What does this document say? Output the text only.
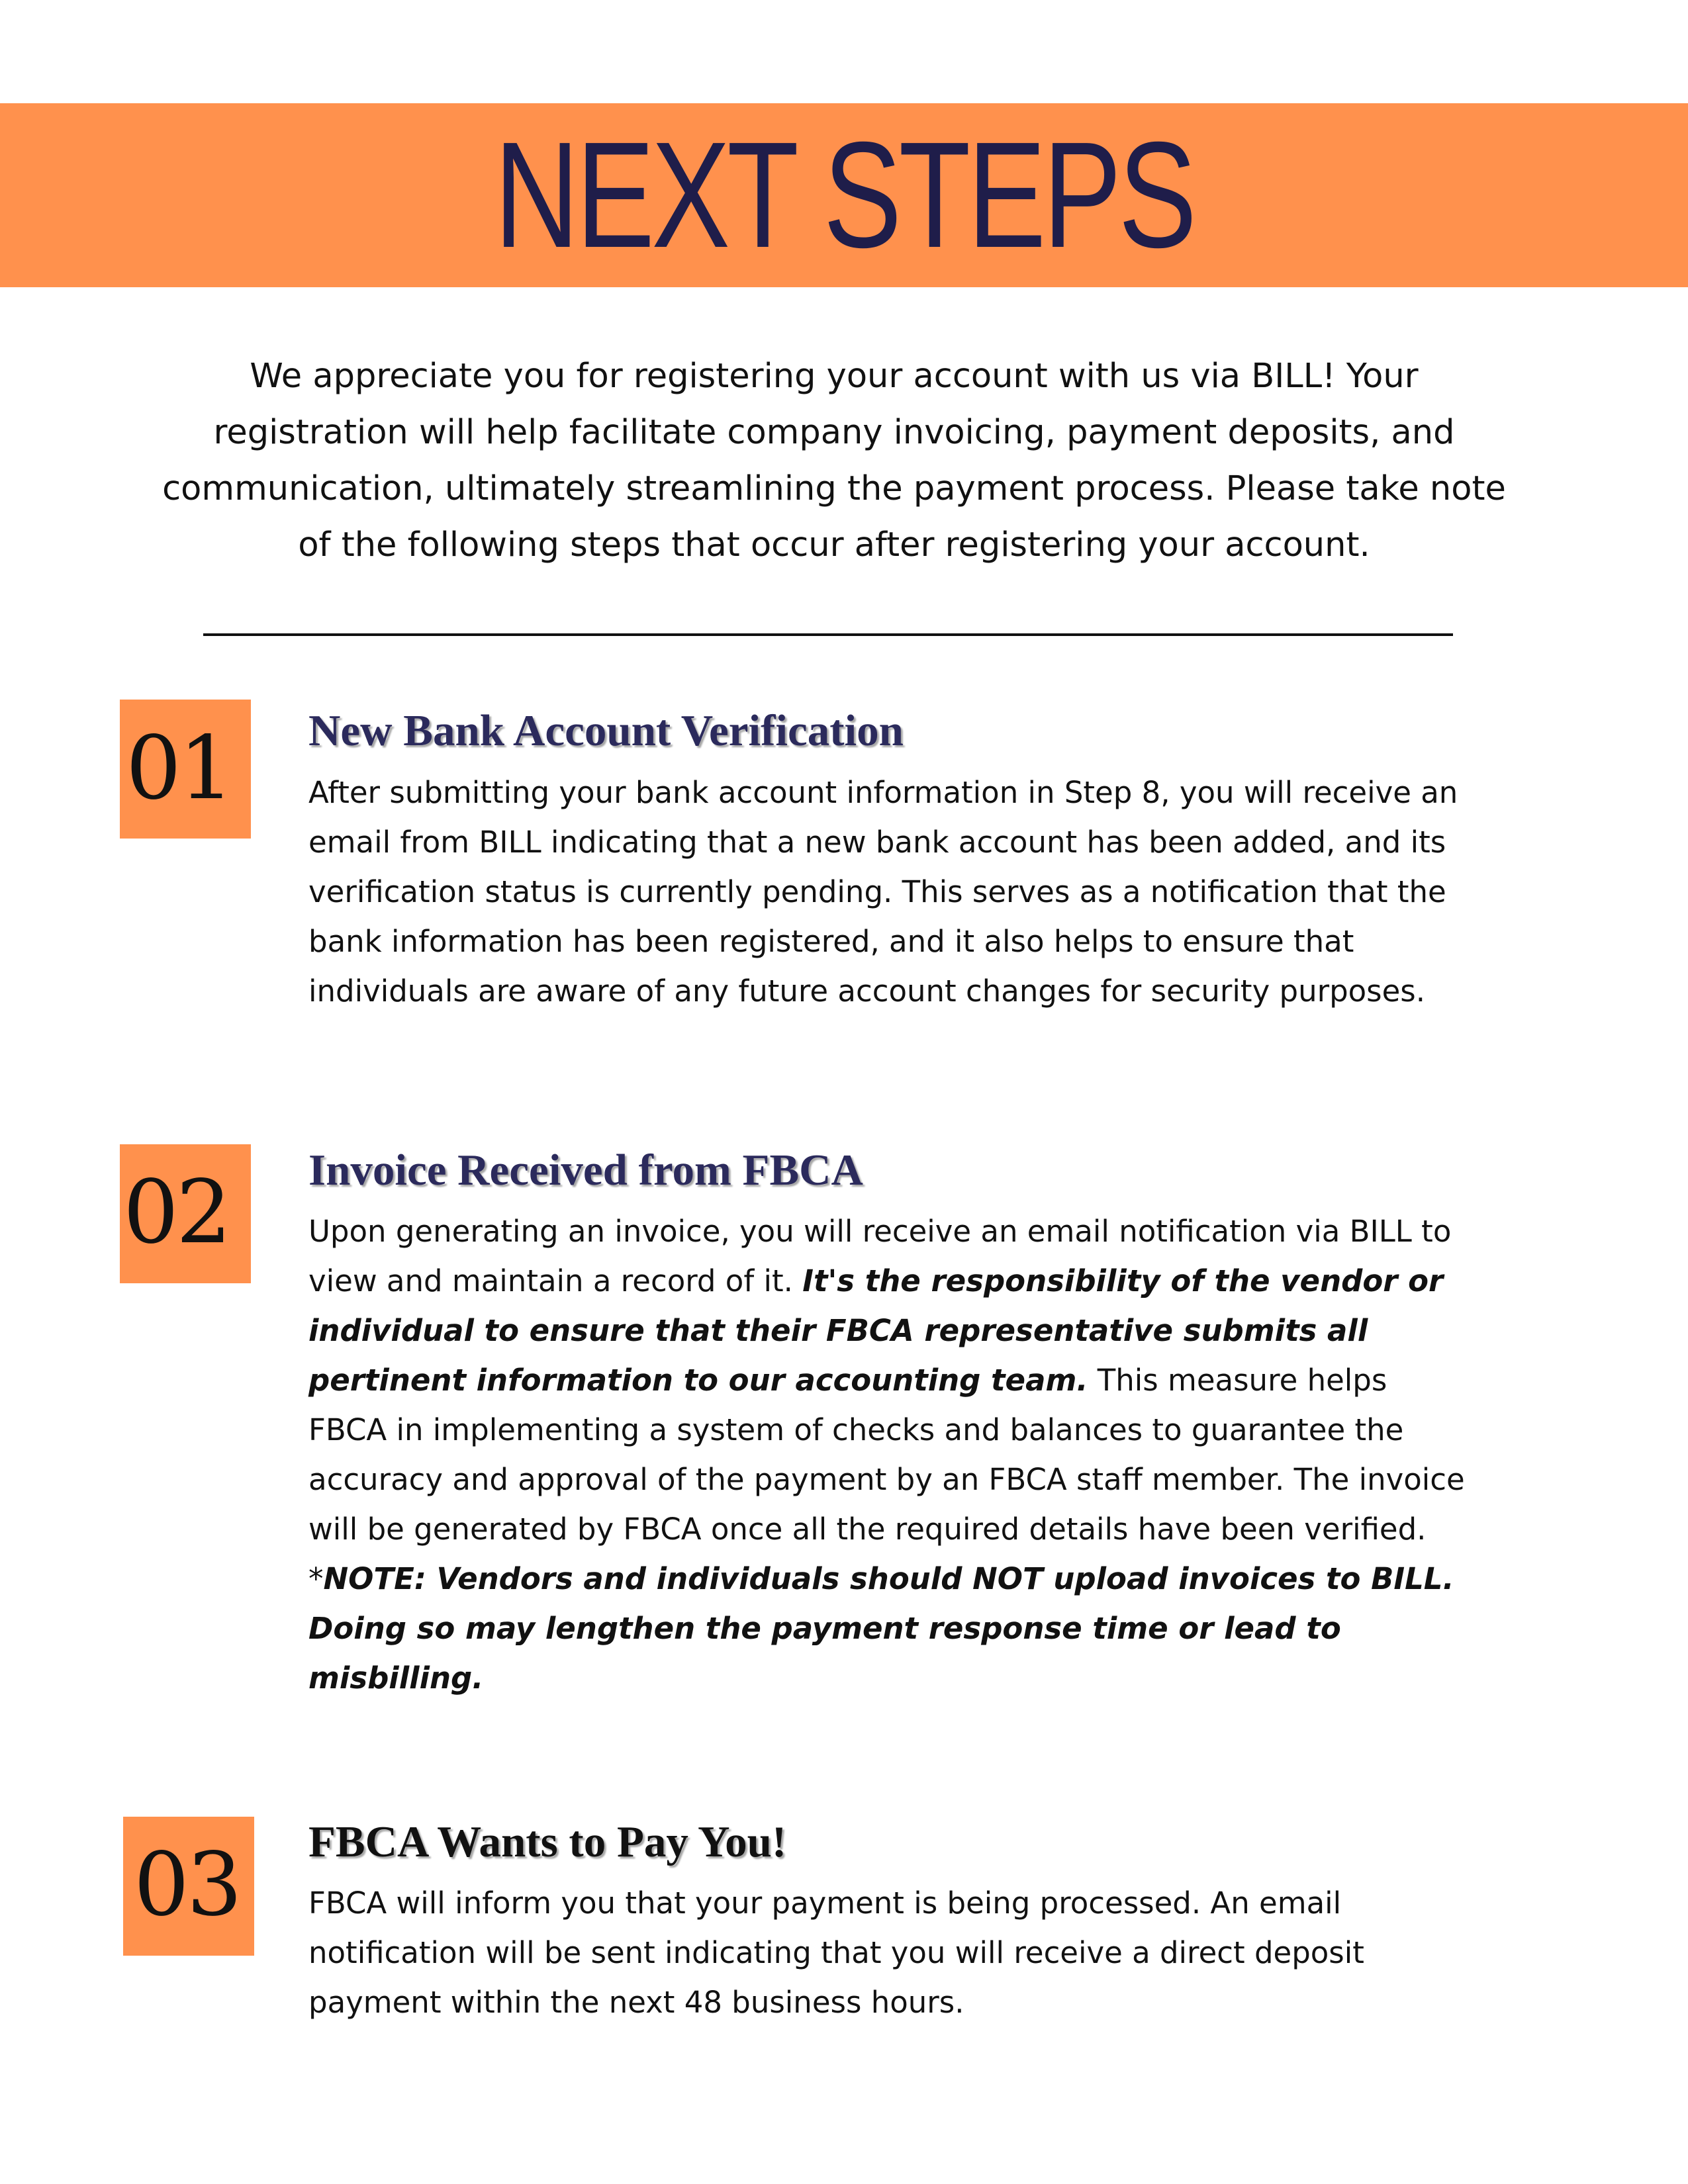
NEXT STEPS

We appreciate you for registering your account with us via BILL! Your registration will help facilitate company invoicing, payment deposits, and communication, ultimately streamlining the payment process. Please take note of the following steps that occur after registering your account.

01 New Bank Account Verification

After submitting your bank account information in Step 8, you will receive an email from BILL indicating that a new bank account has been added, and its verification status is currently pending. This serves as a notification that the bank information has been registered, and it also helps to ensure that individuals are aware of any future account changes for security purposes.

02 Invoice Received from FBCA
Upon generating an invoice, you will receive an email notification via BILL to view and maintain a record of it. It's the responsibility of the vendor or individual to ensure that their FBCA representative submits all pertinent information to our accounting team. This measure helps FBCA in implementing a system of checks and balances to guarantee the accuracy and approval of the payment by an FBCA staff member. The invoice will be generated by FBCA once all the required details have been verified.
*NOTE: Vendors and individuals should NOT upload invoices to BILL. Doing so may lengthen the payment response time or lead to misbilling.
03 FBCA Wants to Pay You!

FBCA will inform you that your payment is being processed. An email notification will be sent indicating that you will receive a direct deposit payment within the next 48 business hours.
